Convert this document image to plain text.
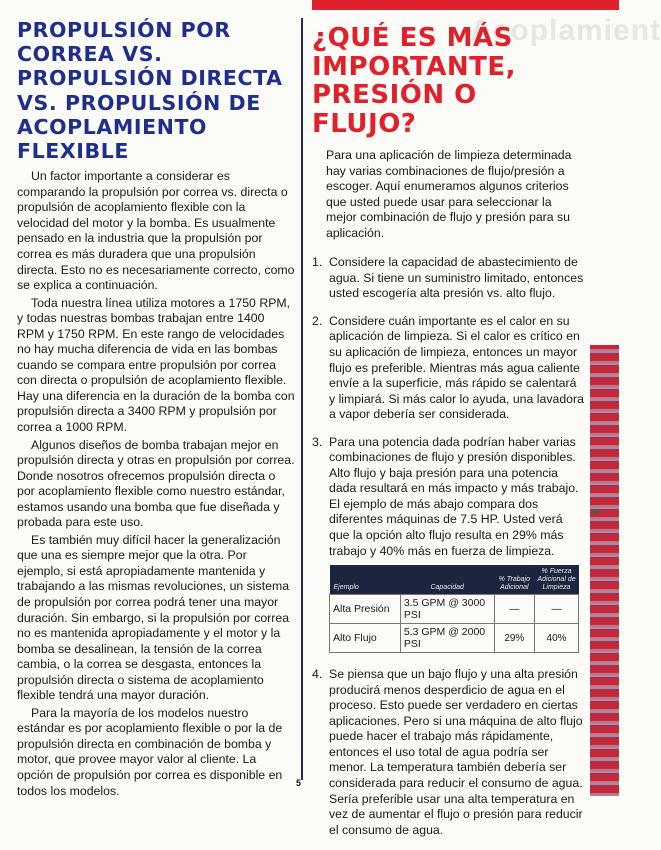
Acoplamient
PROPULSIÓN POR CORREA VS. PROPULSIÓN DIRECTA VS. PROPULSIÓN DE ACOPLAMIENTO FLEXIBLE

Un factor importante a considerar es comparando la propulsión por correa vs. directa o propulsión de acoplamiento flexible con la velocidad del motor y la bomba. Es usualmente pensado en la industria que la propulsión por correa es más duradera que una propulsión directa. Esto no es necesariamente correcto, como se explica a continuación.

Toda nuestra línea utiliza motores a 1750 RPM, y todas nuestras bombas trabajan entre 1400 RPM y 1750 RPM. En este rango de velocidades no hay mucha diferencia de vida en las bombas cuando se compara entre propulsión por correa con directa o propulsión de acoplamiento flexible. Hay una diferencia en la duración de la bomba con propulsión directa a 3400 RPM y propulsión por correa a 1000 RPM.

Algunos diseños de bomba trabajan mejor en propulsión directa y otras en propulsión por correa. Donde nosotros ofrecemos propulsión directa o por acoplamiento flexible como nuestro estándar, estamos usando una bomba que fue diseñada y probada para este uso.

Es también muy difícil hacer la generalización que una es siempre mejor que la otra. Por ejemplo, si está apropiadamente mantenida y trabajando a las mismas revoluciones, un sistema de propulsión por correa podrá tener una mayor duración. Sin embargo, si la propulsión por correa no es mantenida apropiadamente y el motor y la bomba se desalinean, la tensión de la correa cambia, o la correa se desgasta, entonces la propulsión directa o sistema de acoplamiento flexible tendrá una mayor duración.

Para la mayoría de los modelos nuestro estándar es por acoplamiento flexible o por la de propulsión directa en combinación de bomba y motor, que provee mayor valor al cliente. La opción de propulsión por correa es disponible en todos los modelos.

¿QUÉ ES MÁS IMPORTANTE, PRESIÓN O FLUJO?

Para una aplicación de limpieza determinada hay varias combinaciones de flujo/presión a escoger. Aquí enumeramos algunos criterios que usted puede usar para seleccionar la mejor combinación de flujo y presión para su aplicación.

1. Considere la capacidad de abastecimiento de agua. Si tiene un suministro limitado, entonces usted escogería alta presión vs. alto flujo.
2. Considere cuán importante es el calor en su aplicación de limpieza. Si el calor es crítico en su aplicación de limpieza, entonces un mayor flujo es preferible. Mientras más agua caliente envíe a la superficie, más rápido se calentará y limpiará. Si más calor lo ayuda, una lavadora a vapor debería ser considerada.
3. Para una potencia dada podrían haber varias combinaciones de flujo y presión disponibles. Alto flujo y baja presión para una potencia dada resultará en más impacto y más trabajo. El ejemplo de más abajo compara dos diferentes máquinas de 7.5 HP. Usted verá que la opción alto flujo resulta en 29% más trabajo y 40% más en fuerza de limpieza.
Ejemplo	Capacidad	% Trabajo Adicional	% Fuerza Adicional de Limpieza
Alta Presión	3.5 GPM @ 3000 PSI	—	—
Alto Flujo	5.3 GPM @ 2000 PSI	29%	40%
4. Se piensa que un bajo flujo y una alta presión producirá menos desperdicio de agua en el proceso. Esto puede ser verdadero en ciertas aplicaciones. Pero si una máquina de alto flujo puede hacer el trabajo más rápidamente, entonces el uso total de agua podría ser menor. La temperatura también debería ser considerada para reducir el consumo de agua. Sería preferible usar una alta temperatura en vez de aumentar el flujo o presión para reducir el consumo de agua.
5
